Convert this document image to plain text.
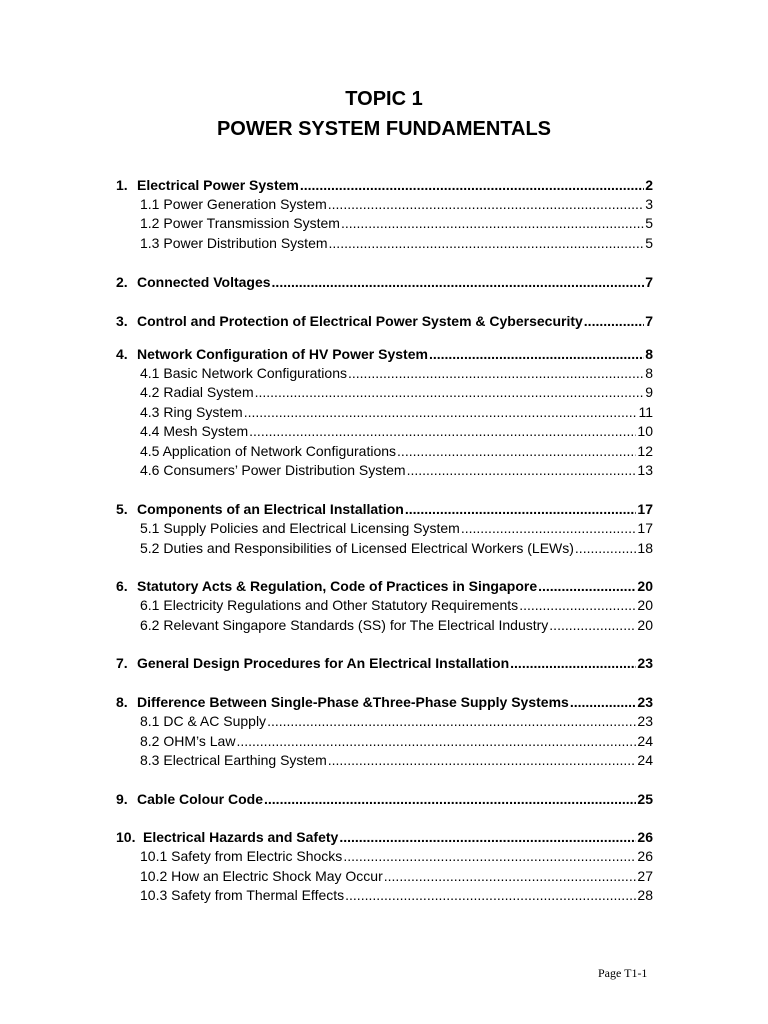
TOPIC 1
POWER SYSTEM FUNDAMENTALS
1. Electrical Power System .....	2
1.1 Power Generation System .....	3
1.2 Power Transmission System .....	5
1.3 Power Distribution System .....	5
2. Connected Voltages .....	7
3. Control and Protection of Electrical Power System & Cybersecurity .....	7
4. Network Configuration of HV Power System .....	8
4.1 Basic Network Configurations .....	8
4.2 Radial System .....	9
4.3 Ring System .....	11
4.4 Mesh System .....	10
4.5 Application of Network Configurations .....	12
4.6 Consumers’ Power Distribution System .....	13
5. Components of an Electrical Installation .....	17
5.1 Supply Policies and Electrical Licensing System .....	17
5.2 Duties and Responsibilities of Licensed Electrical Workers (LEWs) .....	18
6. Statutory Acts & Regulation, Code of Practices in Singapore .....	20
6.1 Electricity Regulations and Other Statutory Requirements .....	20
6.2 Relevant Singapore Standards (SS) for The Electrical Industry .....	20
7. General Design Procedures for An Electrical Installation .....	23
8. Difference Between Single-Phase &Three-Phase Supply Systems .....	23
8.1 DC & AC Supply .....	23
8.2 OHM’s Law .....	24
8.3 Electrical Earthing System .....	24
9. Cable Colour Code .....	25
10. Electrical Hazards and Safety .....	26
10.1 Safety from Electric Shocks .....	26
10.2 How an Electric Shock May Occur .....	27
10.3 Safety from Thermal Effects .....	28
Page T1-1
